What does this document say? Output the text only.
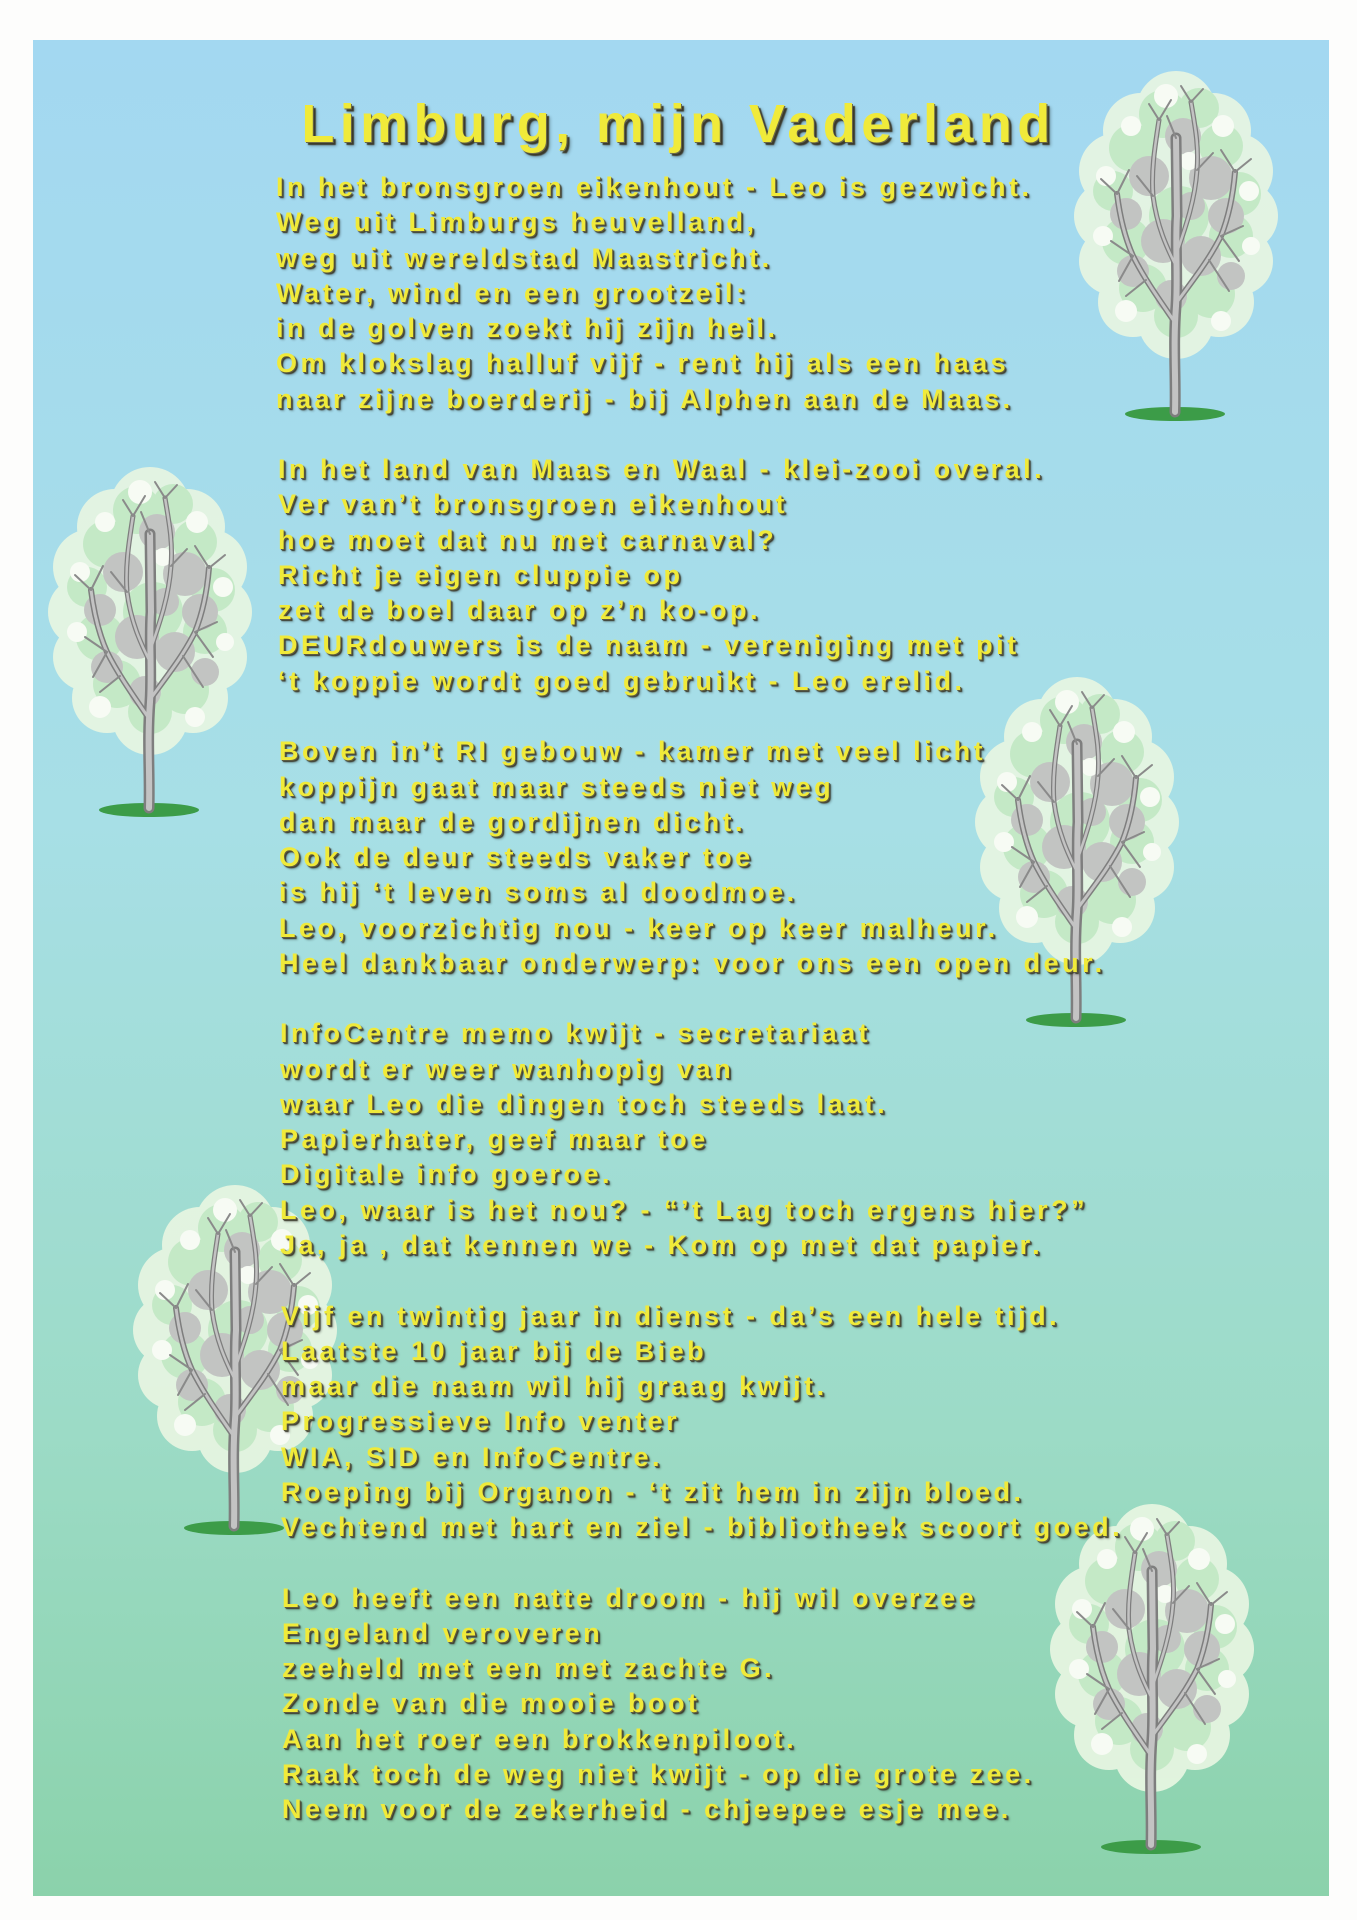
Limburg, mijn Vaderland
In het bronsgroen eikenhout - Leo is gezwicht.
Weg uit Limburgs heuvelland,
weg uit wereldstad Maastricht.
Water, wind en een grootzeil:
in de golven zoekt hij zijn heil.
Om klokslag halluf vijf - rent hij als een haas
naar zijne boerderij - bij Alphen aan de Maas.
In het land van Maas en Waal - klei-zooi overal.
Ver van’t bronsgroen eikenhout
hoe moet dat nu met carnaval?
Richt je eigen cluppie op
zet de boel daar op z’n ko-op.
DEURdouwers is de naam - vereniging met pit
‘t koppie wordt goed gebruikt - Leo erelid.
Boven in’t RI gebouw - kamer met veel licht
koppijn gaat maar steeds niet weg
dan maar de gordijnen dicht.
Ook de deur steeds vaker toe
is hij ‘t leven soms al doodmoe.
Leo, voorzichtig nou - keer op keer malheur.
Heel dankbaar onderwerp: voor ons een open deur.
InfoCentre memo kwijt - secretariaat
wordt er weer wanhopig van
waar Leo die dingen toch steeds laat.
Papierhater, geef maar toe
Digitale info goeroe.
Leo, waar is het nou? - “’t Lag toch ergens hier?”
Ja, ja , dat kennen we - Kom op met dat papier.
Vijf en twintig jaar in dienst - da’s een hele tijd.
Laatste 10 jaar bij de Bieb
maar die naam wil hij graag kwijt.
Progressieve Info venter
WIA, SID en InfoCentre.
Roeping bij Organon - ‘t zit hem in zijn bloed.
Vechtend met hart en ziel - bibliotheek scoort goed.
Leo heeft een natte droom - hij wil overzee
Engeland veroveren
zeeheld met een met zachte G.
Zonde van die mooie boot
Aan het roer een brokkenpiloot.
Raak toch de weg niet kwijt - op die grote zee.
Neem voor de zekerheid - chjeepee esje mee.
